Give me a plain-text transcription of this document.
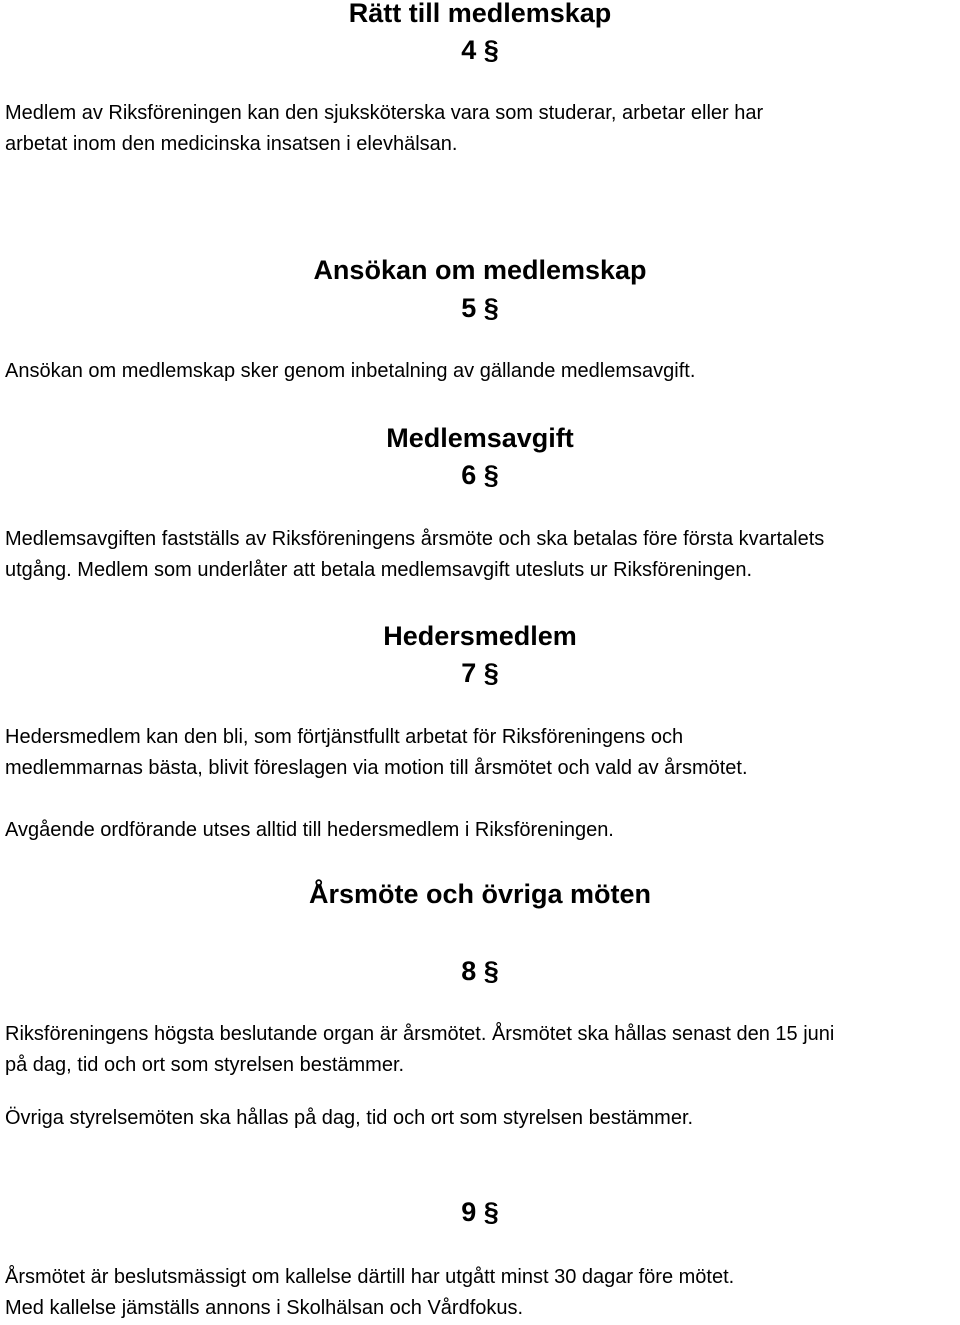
Rätt till medlemskap
4 §
Medlem av Riksföreningen kan den sjuksköterska vara som studerar, arbetar eller har
arbetat inom den medicinska insatsen i elevhälsan.
Ansökan om medlemskap
5 §
Ansökan om medlemskap sker genom inbetalning av gällande medlemsavgift.
Medlemsavgift
6 §
Medlemsavgiften fastställs av Riksföreningens årsmöte och ska betalas före första kvartalets
utgång. Medlem som underlåter att betala medlemsavgift utesluts ur Riksföreningen.
Hedersmedlem
7 §
Hedersmedlem kan den bli, som förtjänstfullt arbetat för Riksföreningens och
medlemmarnas bästa, blivit föreslagen via motion till årsmötet och vald av årsmötet.
Avgående ordförande utses alltid till hedersmedlem i Riksföreningen.
Årsmöte och övriga möten
8 §
Riksföreningens högsta beslutande organ är årsmötet. Årsmötet ska hållas senast den 15 juni
på dag, tid och ort som styrelsen bestämmer.
Övriga styrelsemöten ska hållas på dag, tid och ort som styrelsen bestämmer.
9 §
Årsmötet är beslutsmässigt om kallelse därtill har utgått minst 30 dagar före mötet.
Med kallelse jämställs annons i Skolhälsan och Vårdfokus.
